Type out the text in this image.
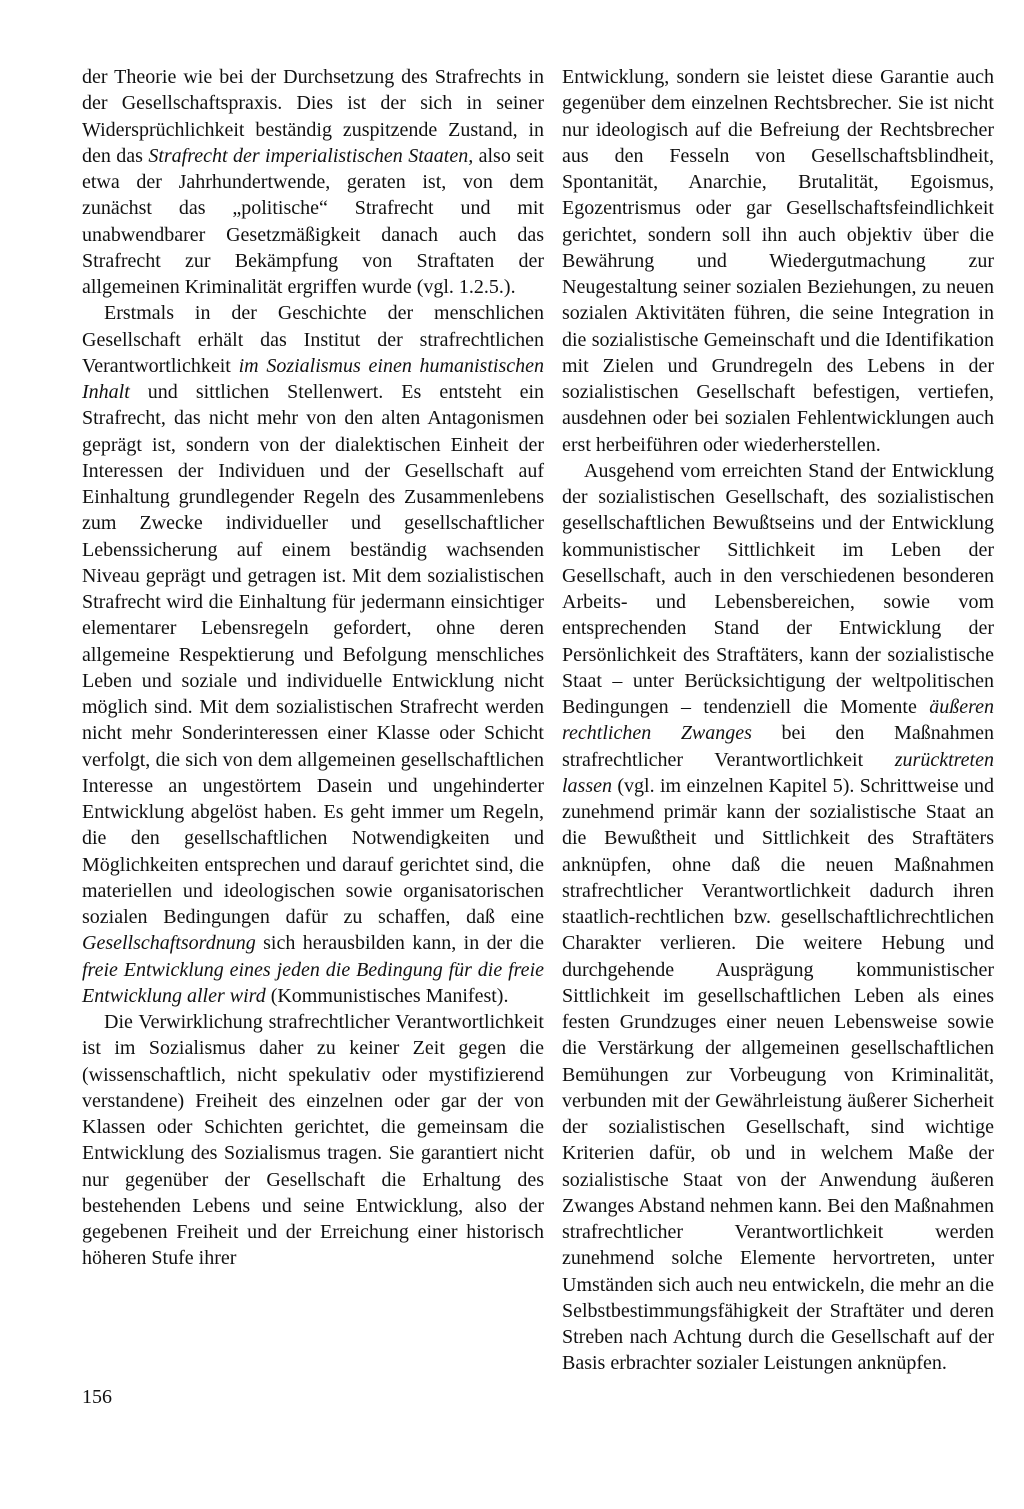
der Theorie wie bei der Durchsetzung des Strafrechts in der Gesellschaftspraxis. Dies ist der sich in seiner Widersprüchlichkeit beständig zuspitzende Zustand, in den das Strafrecht der imperialistischen Staaten, also seit etwa der Jahrhundertwende, geraten ist, von dem zunächst das „politische“ Strafrecht und mit unabwendbarer Gesetzmäßigkeit danach auch das Strafrecht zur Bekämpfung von Straftaten der allgemeinen Kriminalität ergriffen wurde (vgl. 1.2.5.).

Erstmals in der Geschichte der menschlichen Gesellschaft erhält das Institut der strafrechtlichen Verantwortlichkeit im Sozialismus einen humanistischen Inhalt und sittlichen Stellenwert. Es entsteht ein Strafrecht, das nicht mehr von den alten Antagonismen geprägt ist, sondern von der dialektischen Einheit der Interessen der Individuen und der Gesellschaft auf Einhaltung grundlegender Regeln des Zusammenlebens zum Zwecke individueller und gesellschaftlicher Lebenssicherung auf einem beständig wachsenden Niveau geprägt und getragen ist. Mit dem sozialistischen Strafrecht wird die Einhaltung für jedermann einsichtiger elementarer Lebensregeln gefordert, ohne deren allgemeine Respektierung und Befolgung menschliches Leben und soziale und individuelle Entwicklung nicht möglich sind. Mit dem sozialistischen Strafrecht werden nicht mehr Sonderinteressen einer Klasse oder Schicht verfolgt, die sich von dem allgemeinen gesellschaftlichen Interesse an ungestörtem Dasein und ungehinderter Entwicklung abgelöst haben. Es geht immer um Regeln, die den gesellschaftlichen Notwendigkeiten und Möglichkeiten entsprechen und darauf gerichtet sind, die materiellen und ideologischen sowie organisatorischen sozialen Bedingungen dafür zu schaffen, daß eine Gesellschaftsordnung sich herausbilden kann, in der die freie Entwicklung eines jeden die Bedingung für die freie Entwicklung aller wird (Kommunistisches Manifest).

Die Verwirklichung strafrechtlicher Verantwortlichkeit ist im Sozialismus daher zu keiner Zeit gegen die (wissenschaftlich, nicht spekulativ oder mystifizierend verstandene) Freiheit des einzelnen oder gar der von Klassen oder Schichten gerichtet, die gemeinsam die Entwicklung des Sozialismus tragen. Sie garantiert nicht nur gegenüber der Gesellschaft die Erhaltung des bestehenden Lebens und seine Entwicklung, also der gegebenen Freiheit und der Erreichung einer historisch höheren Stufe ihrer

Entwicklung, sondern sie leistet diese Garantie auch gegenüber dem einzelnen Rechtsbrecher. Sie ist nicht nur ideologisch auf die Befreiung der Rechtsbrecher aus den Fesseln von Gesellschaftsblindheit, Spontanität, Anarchie, Brutalität, Egoismus, Egozentrismus oder gar Gesellschaftsfeindlichkeit gerichtet, sondern soll ihn auch objektiv über die Bewährung und Wiedergutmachung zur Neugestaltung seiner sozialen Beziehungen, zu neuen sozialen Aktivitäten führen, die seine Integration in die sozialistische Gemeinschaft und die Identifikation mit Zielen und Grundregeln des Lebens in der sozialistischen Gesellschaft befestigen, vertiefen, ausdehnen oder bei sozialen Fehlentwicklungen auch erst herbeiführen oder wiederherstellen.

Ausgehend vom erreichten Stand der Entwicklung der sozialistischen Gesellschaft, des sozialistischen gesellschaftlichen Bewußtseins und der Entwicklung kommunistischer Sittlichkeit im Leben der Gesellschaft, auch in den verschiedenen besonderen Arbeits- und Lebensbereichen, sowie vom entsprechenden Stand der Entwicklung der Persönlichkeit des Straftäters, kann der sozialistische Staat – unter Berücksichtigung der weltpolitischen Bedingungen – tendenziell die Momente äußeren rechtlichen Zwanges bei den Maßnahmen strafrechtlicher Verantwortlichkeit zurücktreten lassen (vgl. im einzelnen Kapitel 5). Schrittweise und zunehmend primär kann der sozialistische Staat an die Bewußtheit und Sittlichkeit des Straftäters anknüpfen, ohne daß die neuen Maßnahmen strafrechtlicher Verantwortlichkeit dadurch ihren staatlich-rechtlichen bzw. gesellschaftlichrechtlichen Charakter verlieren. Die weitere Hebung und durchgehende Ausprägung kommunistischer Sittlichkeit im gesellschaftlichen Leben als eines festen Grundzuges einer neuen Lebensweise sowie die Verstärkung der allgemeinen gesellschaftlichen Bemühungen zur Vorbeugung von Kriminalität, verbunden mit der Gewährleistung äußerer Sicherheit der sozialistischen Gesellschaft, sind wichtige Kriterien dafür, ob und in welchem Maße der sozialistische Staat von der Anwendung äußeren Zwanges Abstand nehmen kann. Bei den Maßnahmen strafrechtlicher Verantwortlichkeit werden zunehmend solche Elemente hervortreten, unter Umständen sich auch neu entwickeln, die mehr an die Selbstbestimmungsfähigkeit der Straftäter und deren Streben nach Achtung durch die Gesellschaft auf der Basis erbrachter sozialer Leistungen anknüpfen.

156
